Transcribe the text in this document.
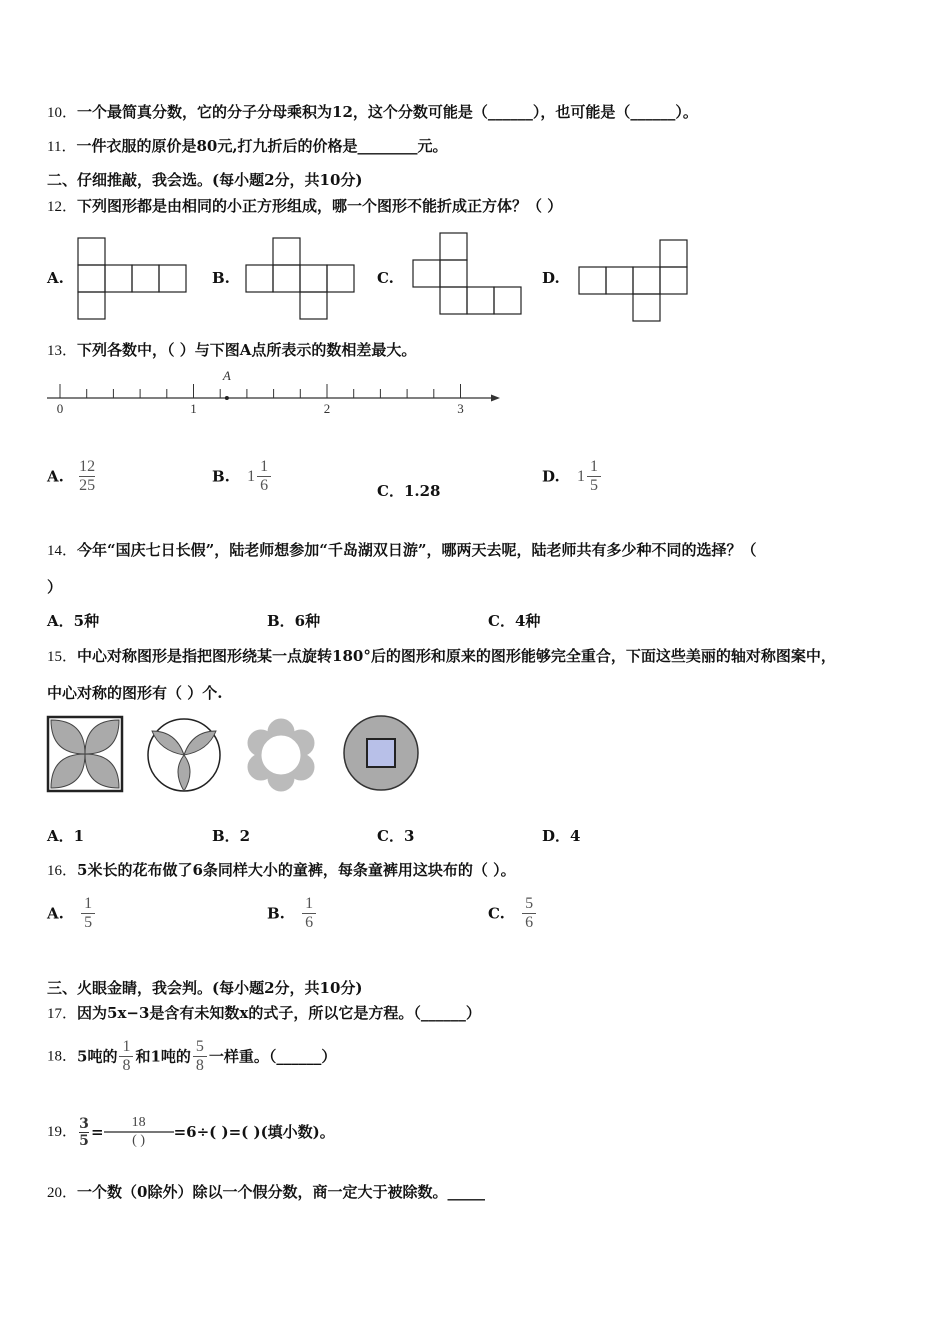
10．一个最简真分数，它的分子分母乘积为12，这个分数可能是（______），也可能是（______）。
11．一件衣服的原价是80元,打九折后的价格是________元。
二、仔细推敲，我会选。(每小题2分，共10分)
12．下列图形都是由相同的小正方形组成，哪一个图形不能折成正方体？（ ）
A.	B.	C.	D.
13．下列各数中，（ ）与下图A点所表示的数相差最大。
0	1	2	3
A
A. $\frac{12}{25}$	B. $1 \frac{1}{6}$	C．1.28
D. $1 \frac{1}{5}$
14．今年“国庆七日长假”，陆老师想参加“千岛湖双日游”，哪两天去呢，陆老师共有多少种不同的选择？（
）
A．5种	B．6种	C．4种
15．中心对称图形是指把图形绕某一点旋转180°后的图形和原来的图形能够完全重合，下面这些美丽的轴对称图案中，
中心对称的图形有（ ）个.
A．1	B．2	C．3	D．4
16．5米长的花布做了6条同样大小的童裤，每条童裤用这块布的（ ）。
A. $\frac{1}{5}$	B. $\frac{1}{6}$	C. $\frac{5}{6}$
三、火眼金睛，我会判。(每小题2分，共10分)
17．因为5x−3是含有未知数x的式子，所以它是方程。（______）
18．5吨的 $\frac{1}{8}$ 和1吨的 $\frac{5}{8}$ 一样重。（______）
19． $\frac{3}{5} = \frac{18}{( )} =6\div$( )=( )(填小数)。
20．一个数（0除外）除以一个假分数，商一定大于被除数。_____
